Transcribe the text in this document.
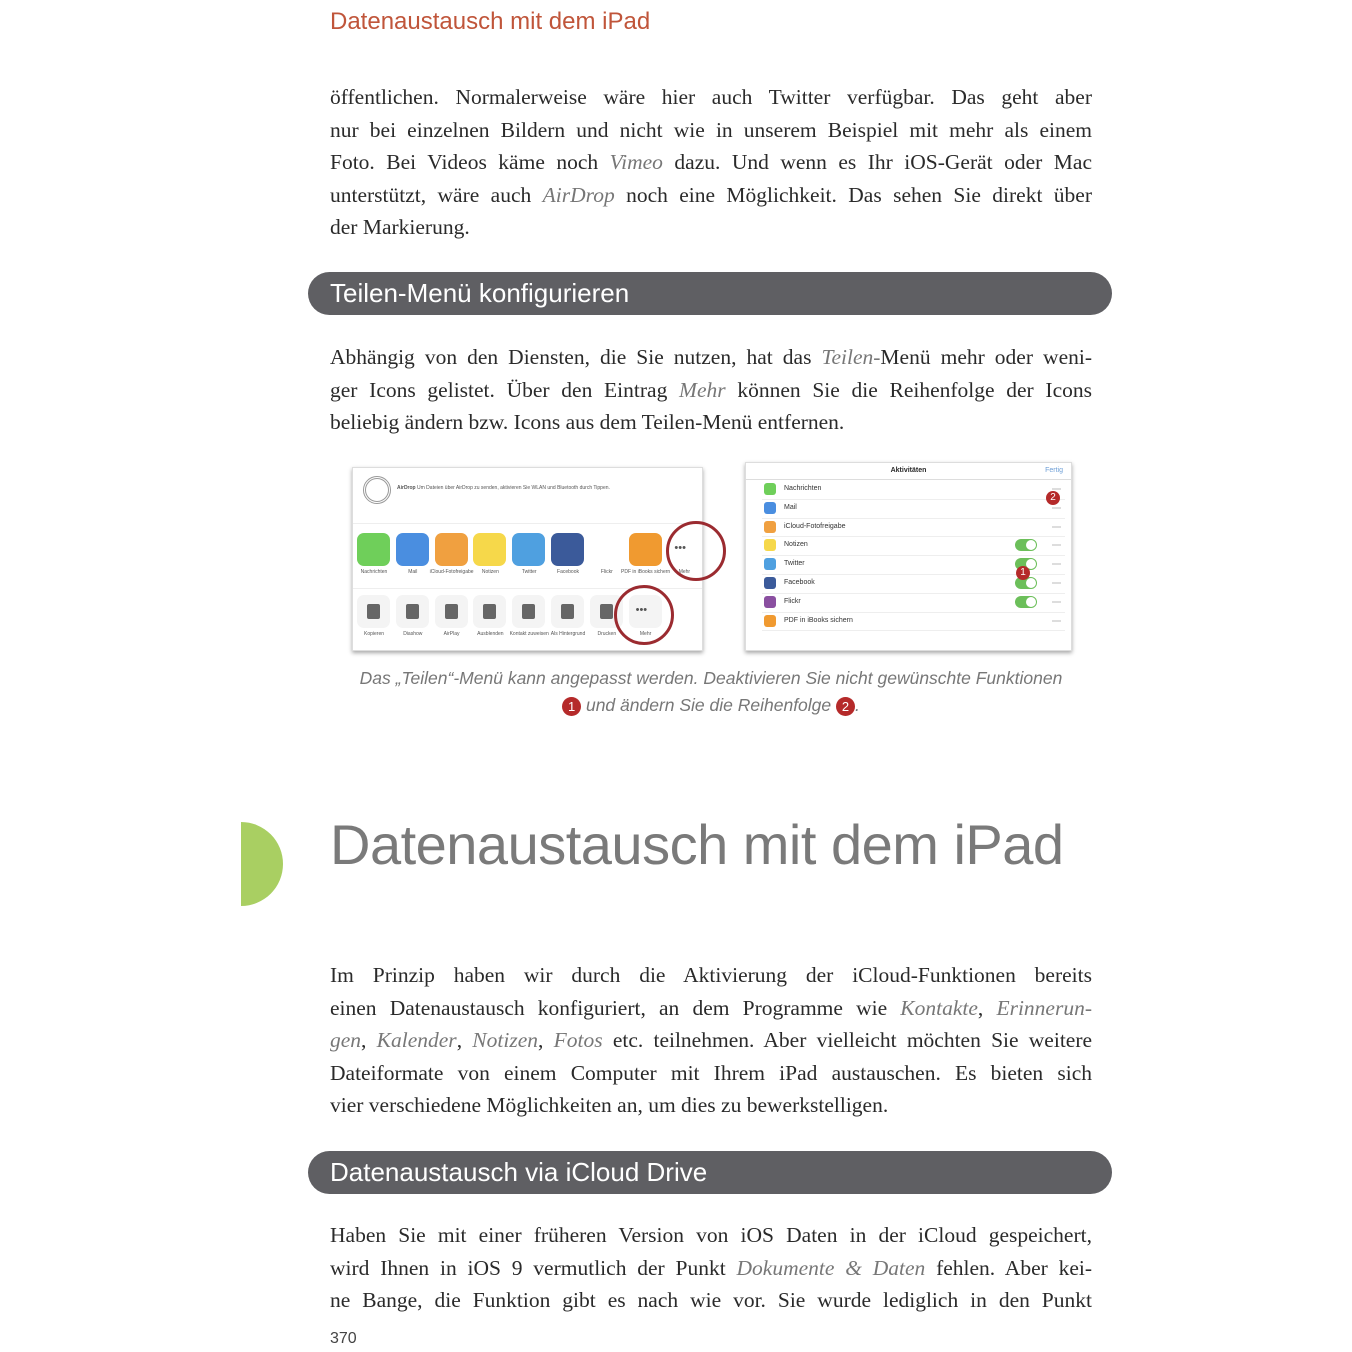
Datenaustausch mit dem iPad
öffentlichen. Normalerweise wäre hier auch Twitter verfügbar. Das geht aber
nur bei einzelnen Bildern und nicht wie in unserem Beispiel mit mehr als einem
Foto. Bei Videos käme noch Vimeo dazu. Und wenn es Ihr iOS-Gerät oder Mac
unterstützt, wäre auch AirDrop noch eine Möglichkeit. Das sehen Sie direkt über
der Markierung.
Teilen-Menü konfigurieren
Abhängig von den Diensten, die Sie nutzen, hat das Teilen-Menü mehr oder weni-
ger Icons gelistet. Über den Eintrag Mehr können Sie die Reihenfolge der Icons
beliebig ändern bzw. Icons aus dem Teilen-Menü entfernen.
AirDrop Um Dateien über AirDrop zu senden, aktivieren Sie WLAN und Bluetooth durch Tippen.
Nachrichten	Mail	iCloud-Fotofreigabe	Notizen	Twitter	Facebook	Flickr	PDF in iBooks sichern
•••
Mehr
Kopieren	Diashow	AirPlay	Ausblenden	Kontakt zuweisen Als Hintergrund	Drucken
•••
Mehr
Aktivitäten	Fertig
Nachrichten
Mail
iCloud-Fotofreigabe
Notizen
Twitter
Facebook
Flickr
PDF in iBooks sichern
2
1
Das „Teilen“-Menü kann angepasst werden. Deaktivieren Sie nicht gewünschte Funktionen
1 und ändern Sie die Reihenfolge 2 .
Datenaustausch mit dem iPad
Im Prinzip haben wir durch die Aktivierung der iCloud-Funktionen bereits
einen Datenaustausch konfiguriert, an dem Programme wie Kontakte, Erinnerun-
gen, Kalender, Notizen, Fotos etc. teilnehmen. Aber vielleicht möchten Sie weitere
Dateiformate von einem Computer mit Ihrem iPad austauschen. Es bieten sich
vier verschiedene Möglichkeiten an, um dies zu bewerkstelligen.
Datenaustausch via iCloud Drive
Haben Sie mit einer früheren Version von iOS Daten in der iCloud gespeichert,
wird Ihnen in iOS 9 vermutlich der Punkt Dokumente & Daten fehlen. Aber kei-
ne Bange, die Funktion gibt es nach wie vor. Sie wurde lediglich in den Punkt
370
